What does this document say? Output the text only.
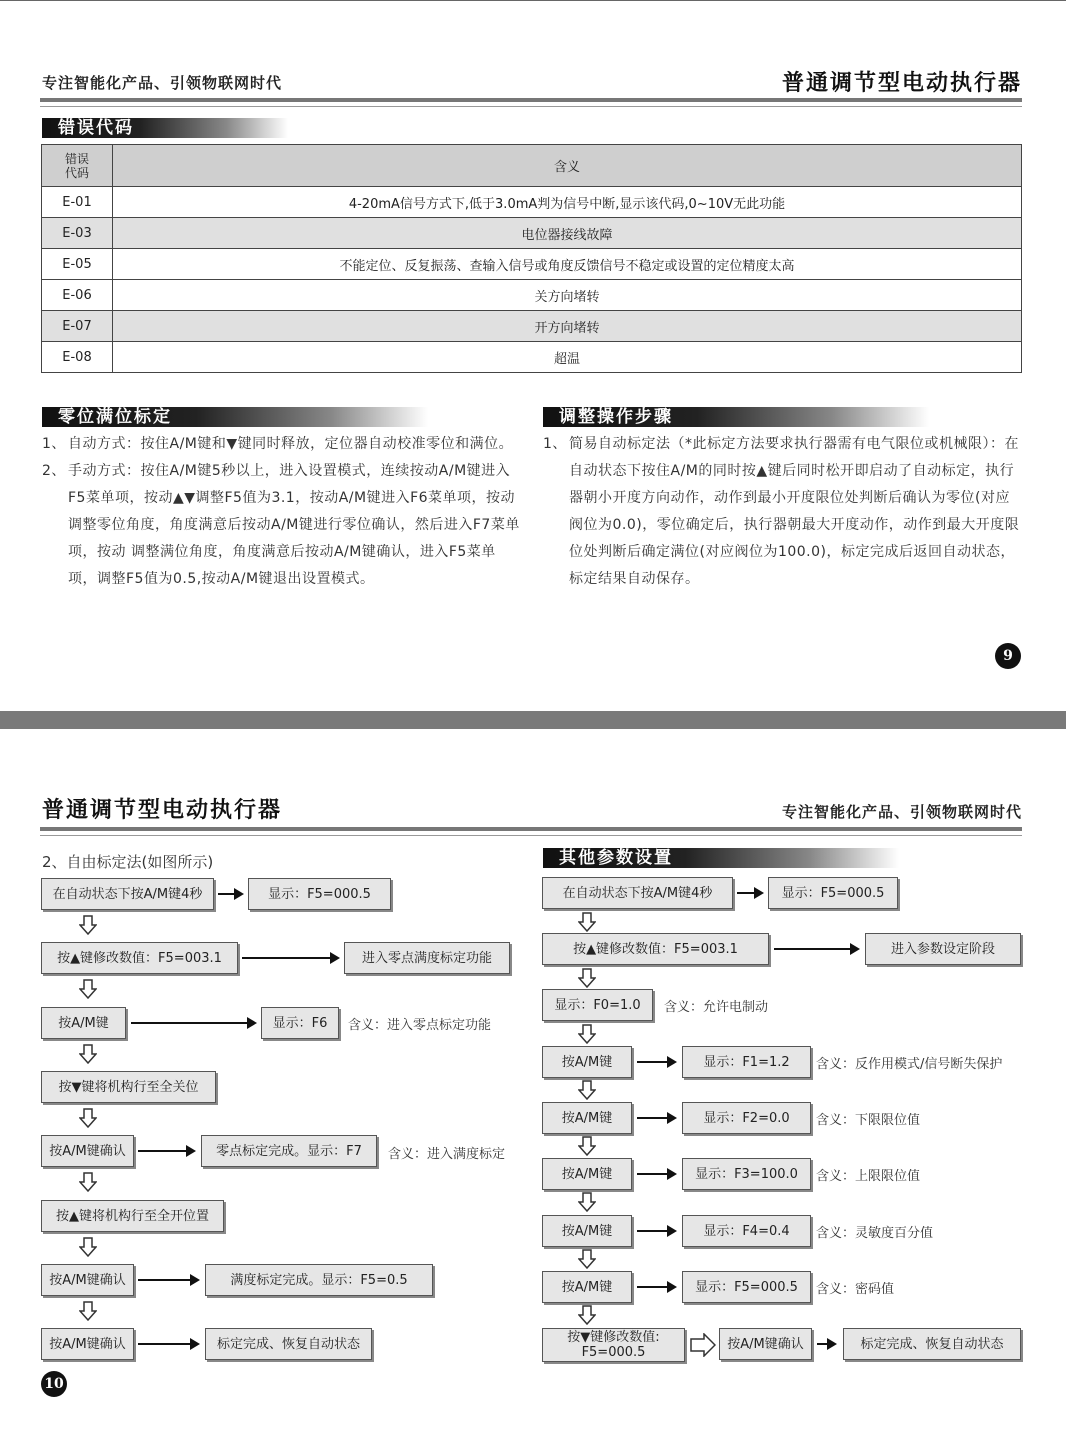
专注智能化产品、引领物联网时代	普通调节型电动执行器
错误代码
错误
代码	含义
E-01	4-20mA信号方式下,低于3.0mA判为信号中断,显示该代码,0~10V无此功能
E-03	电位器接线故障
E-05	不能定位、反复振荡、查输入信号或角度反馈信号不稳定或设置的定位精度太高
E-06	关方向堵转
E-07	开方向堵转
E-08	超温
零位满位标定
1、 自动方式：按住A/M键和▼键同时释放，定位器自动校准零位和满位。
2、 手动方式：按住A/M键5秒以上，进入设置模式，连续按动A/M键进入F5菜单项，按动▲▼调整F5值为3.1，按动A/M键进入F6菜单项，按动调整零位角度，角度满意后按动A/M键进行零位确认，然后进入F7菜单项，按动 调整满位角度，角度满意后按动A/M键确认，进入F5菜单项，调整F5值为0.5,按动A/M键退出设置模式。
调整操作步骤
1、 简易自动标定法（*此标定方法要求执行器需有电气限位或机械限）：在自动状态下按住A/M的同时按▲键后同时松开即启动了自动标定，执行器朝小开度方向动作，动作到最小开度限位处判断后确认为零位(对应阀位为0.0)，零位确定后，执行器朝最大开度动作，动作到最大开度限位处判断后确定满位(对应阀位为100.0)，标定完成后返回自动状态，标定结果自动保存。
9
普通调节型电动执行器	专注智能化产品、引领物联网时代
2、自由标定法(如图所示)
在自动状态下按A/M键4秒	显示：F5=000.5
按▲键修改数值：F5=003.1	进入零点满度标定功能
按A/M键	显示：F6	含义：进入零点标定功能
按▼键将机构行至全关位
按A/M键确认	零点标定完成。显示：F7	含义：进入满度标定
按▲键将机构行至全开位置
按A/M键确认	满度标定完成。显示：F5=0.5
按A/M键确认	标定完成、恢复自动状态
10
其他参数设置
在自动状态下按A/M键4秒	显示：F5=000.5
按▲键修改数值：F5=003.1	进入参数设定阶段
显示：F0=1.0	含义：允许电制动
按A/M键	显示：F1=1.2	含义：反作用模式/信号断失保护
按A/M键	显示：F2=0.0	含义：下限限位值
按A/M键	显示：F3=100.0	含义：上限限位值
按A/M键	显示：F4=0.4	含义：灵敏度百分值
按A/M键	显示：F5=000.5	含义：密码值
按▼键修改数值:
F5=000.5
按A/M键确认	标定完成、恢复自动状态
